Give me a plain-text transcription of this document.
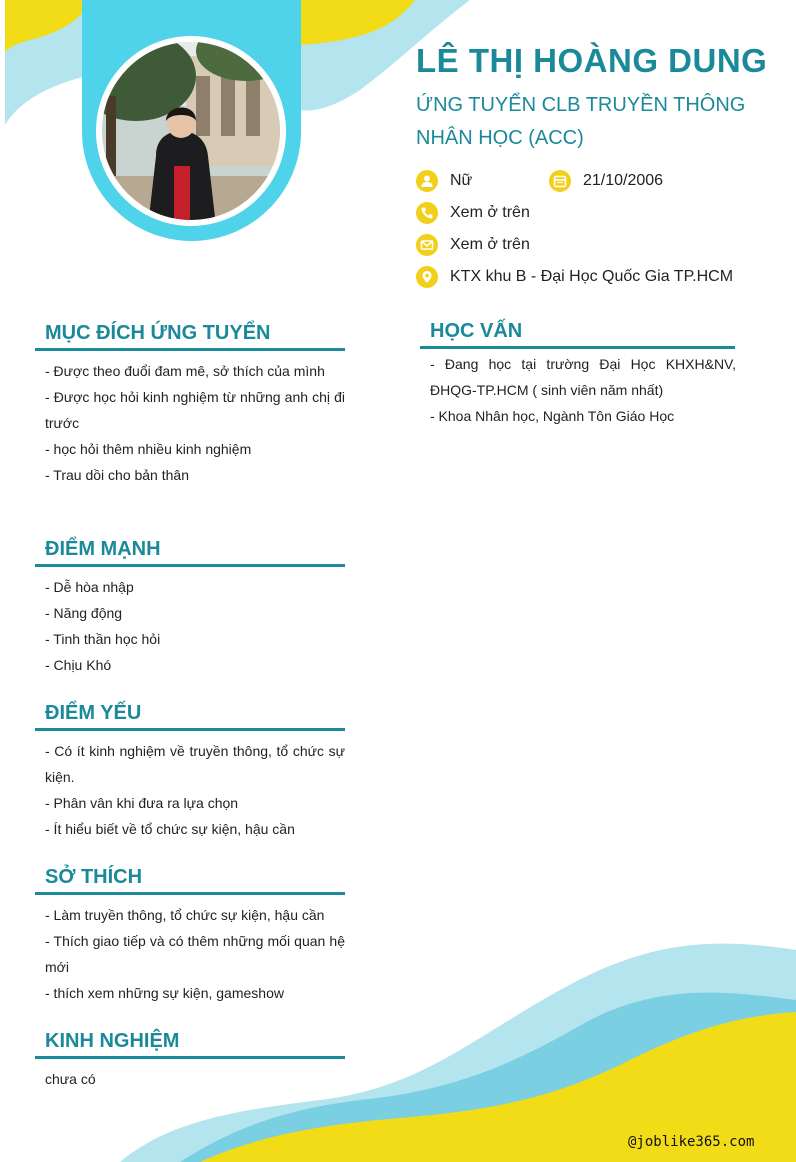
LÊ THỊ HOÀNG DUNG
ỨNG TUYỂN CLB TRUYỀN THÔNG NHÂN HỌC (ACC)
Nữ	21/10/2006
Xem ở trên
Xem ở trên
KTX khu B - Đại Học Quốc Gia TP.HCM
MỤC ĐÍCH ỨNG TUYỂN

- Được theo đuổi đam mê, sở thích của mình

- Được học hỏi kinh nghiệm từ những anh chị đi trước

- học hỏi thêm nhiều kinh nghiệm

- Trau dồi cho bản thân

HỌC VẤN

- Đang học tại trường Đại Học KHXH&NV, ĐHQG-TP.HCM ( sinh viên năm nhất)

- Khoa Nhân học, Ngành Tôn Giáo Học

ĐIỂM MẠNH

- Dễ hòa nhập

- Năng động

- Tinh thần học hỏi

- Chịu Khó

ĐIỂM YẾU

- Có ít kinh nghiệm về truyền thông, tổ chức sự kiện.

- Phân vân khi đưa ra lựa chọn

- Ít hiểu biết về tổ chức sự kiện, hậu cần

SỞ THÍCH

- Làm truyền thông, tổ chức sự kiện, hậu cần

- Thích giao tiếp và có thêm những mối quan hệ mới

- thích xem những sự kiện, gameshow

KINH NGHIỆM

chưa có

@joblike365.com
